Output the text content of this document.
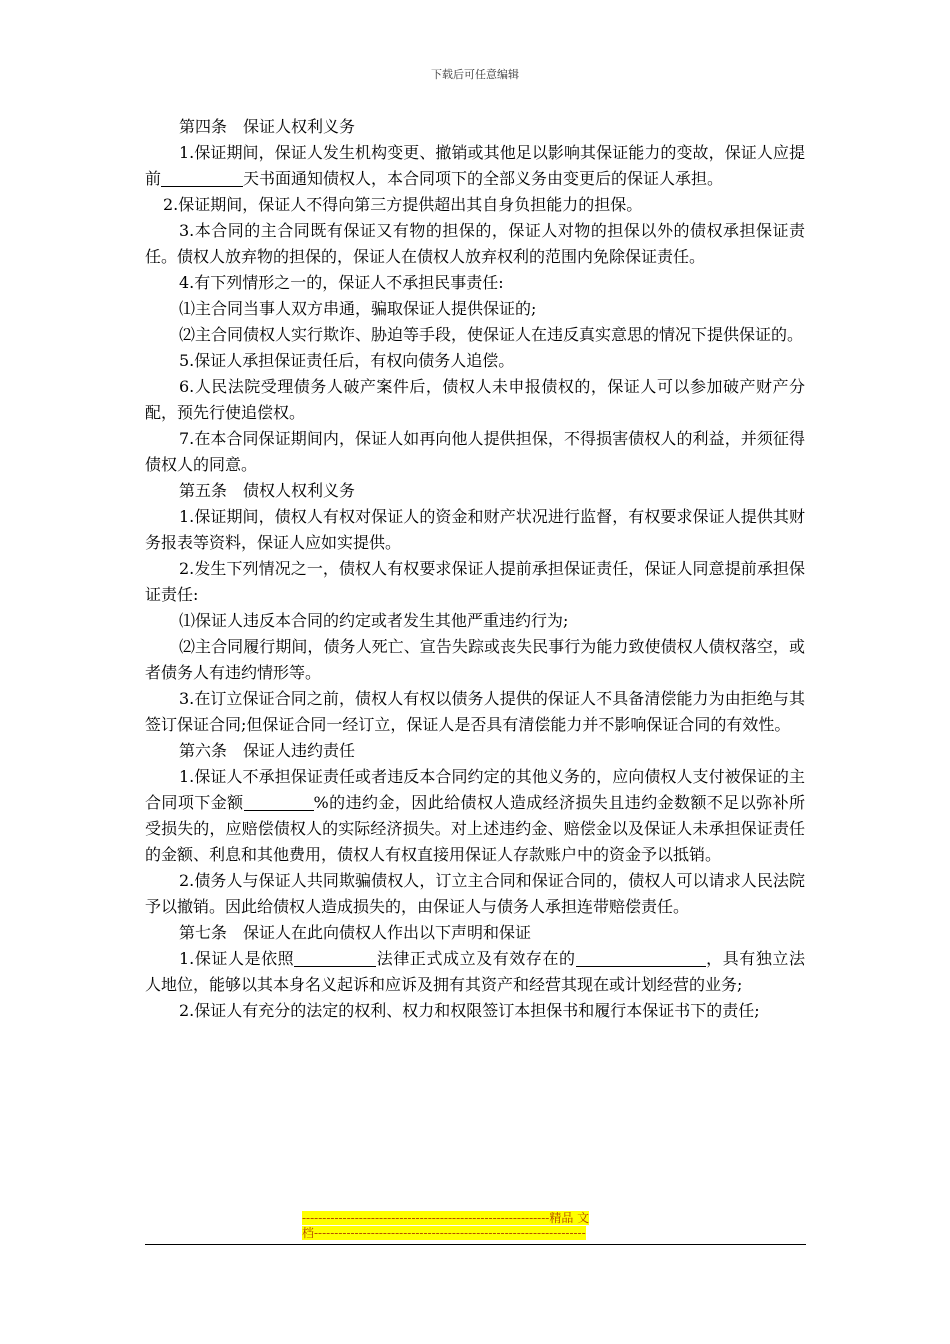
下载后可任意编辑

第四条　保证人权利义务

1.保证期间，保证人发生机构变更、撤销或其他足以影响其保证能力的变故，保证人应提前	天书面通知债权人，本合同项下的全部义务由变更后的保证人承担。

2.保证期间，保证人不得向第三方提供超出其自身负担能力的担保。

3.本合同的主合同既有保证又有物的担保的，保证人对物的担保以外的债权承担保证责任。债权人放弃物的担保的，保证人在债权人放弃权利的范围内免除保证责任。

4.有下列情形之一的，保证人不承担民事责任:

⑴主合同当事人双方串通，骗取保证人提供保证的;

⑵主合同债权人实行欺诈、胁迫等手段，使保证人在违反真实意思的情况下提供保证的。

5.保证人承担保证责任后，有权向债务人追偿。

6.人民法院受理债务人破产案件后，债权人未申报债权的，保证人可以参加破产财产分配，预先行使追偿权。

7.在本合同保证期间内，保证人如再向他人提供担保，不得损害债权人的利益，并须征得债权人的同意。

第五条　债权人权利义务

1.保证期间，债权人有权对保证人的资金和财产状况进行监督，有权要求保证人提供其财务报表等资料，保证人应如实提供。

2.发生下列情况之一，债权人有权要求保证人提前承担保证责任，保证人同意提前承担保证责任:

⑴保证人违反本合同的约定或者发生其他严重违约行为;

⑵主合同履行期间，债务人死亡、宣告失踪或丧失民事行为能力致使债权人债权落空，或者债务人有违约情形等。

3.在订立保证合同之前，债权人有权以债务人提供的保证人不具备清偿能力为由拒绝与其签订保证合同;但保证合同一经订立，保证人是否具有清偿能力并不影响保证合同的有效性。

第六条　保证人违约责任

1.保证人不承担保证责任或者违反本合同约定的其他义务的，应向债权人支付被保证的主合同项下金额	%的违约金，因此给债权人造成经济损失且违约金数额不足以弥补所受损失的，应赔偿债权人的实际经济损失。对上述违约金、赔偿金以及保证人未承担保证责任的金额、利息和其他费用，债权人有权直接用保证人存款账户中的资金予以抵销。

2.债务人与保证人共同欺骗债权人，订立主合同和保证合同的，债权人可以请求人民法院予以撤销。因此给债权人造成损失的，由保证人与债务人承担连带赔偿责任。

第七条　保证人在此向债权人作出以下声明和保证

1.保证人是依照	法律正式成立及有效存在的	，具有独立法人地位，能够以其本身名义起诉和应诉及拥有其资产和经营其现在或计划经营的业务;

2.保证人有充分的法定的权利、权力和权限签订本担保书和履行本保证书下的责任;

-------------------------------------------------------------精品 文
档-------------------------------------------------------------------
